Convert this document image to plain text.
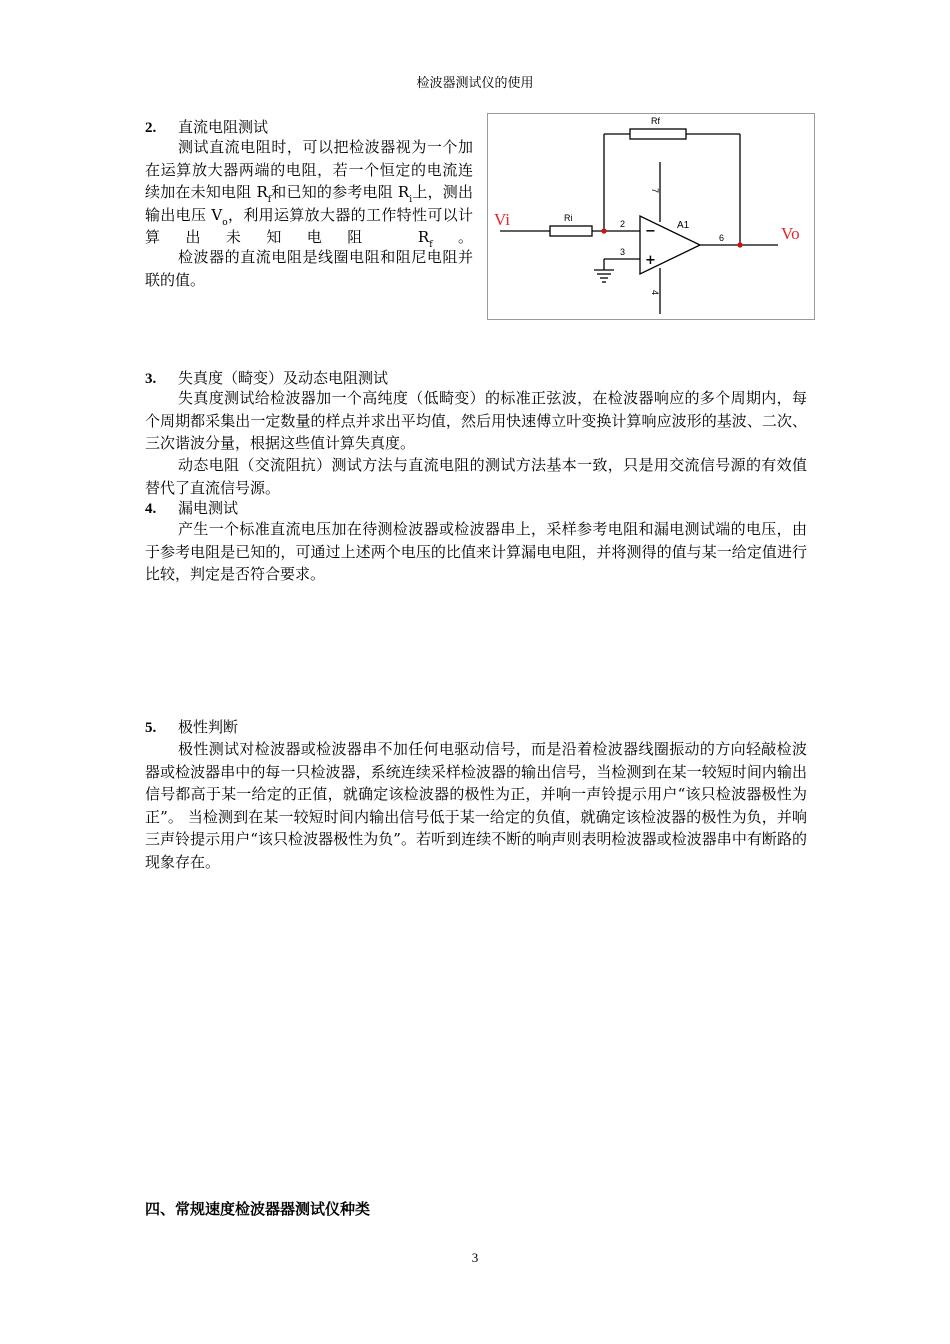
检波器测试仪的使用
2. 直流电阻测试

测试直流电阻时，可以把检波器视为一个加在运算放大器两端的电阻，若一个恒定的电流连续加在未知电阻 $R_f$和已知的参考电阻 $R_i$上，测出输出电压 $V_o$，利用运算放大器的工作特性可以计算出未知电阻 $R_f$。

检波器的直流电阻是线圈电阻和阻尼电阻并联的值。

Vi
Vo
Rf
Ri
A1
2
3
6
7
4
−
+
3. 失真度（畸变）及动态电阻测试

失真度测试给检波器加一个高纯度（低畸变）的标准正弦波，在检波器响应的多个周期内，每个周期都采集出一定数量的样点并求出平均值，然后用快速傅立叶变换计算响应波形的基波、二次、三次谐波分量，根据这些值计算失真度。

动态电阻（交流阻抗）测试方法与直流电阻的测试方法基本一致，只是用交流信号源的有效值替代了直流信号源。

4. 漏电测试

产生一个标准直流电压加在待测检波器或检波器串上，采样参考电阻和漏电测试端的电压，由于参考电阻是已知的，可通过上述两个电压的比值来计算漏电电阻，并将测得的值与某一给定值进行比较，判定是否符合要求。

5. 极性判断

极性测试对检波器或检波器串不加任何电驱动信号，而是沿着检波器线圈振动的方向轻敲检波器或检波器串中的每一只检波器，系统连续采样检波器的输出信号，当检测到在某一较短时间内输出信号都高于某一给定的正值，就确定该检波器的极性为正，并响一声铃提示用户“该只检波器极性为正”。 当检测到在某一较短时间内输出信号低于某一给定的负值，就确定该检波器的极性为负，并响三声铃提示用户“该只检波器极性为负”。若听到连续不断的响声则表明检波器或检波器串中有断路的现象存在。

四、常规速度检波器器测试仪种类
3
